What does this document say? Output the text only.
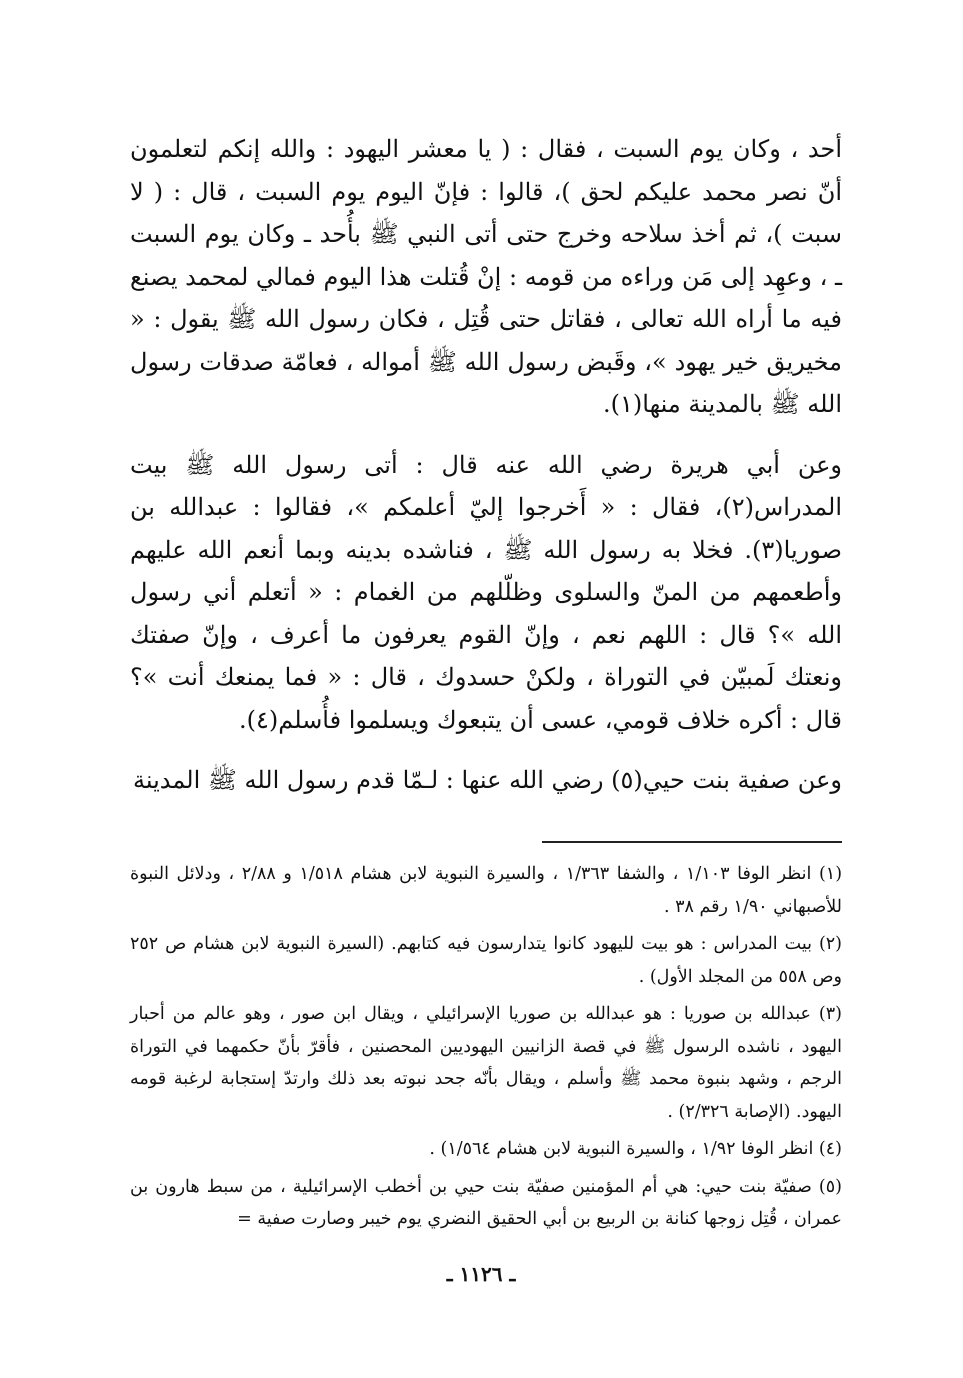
أحد ، وكان يوم السبت ، فقال : ( يا معشر اليهود : والله إنكم لتعلمون أنّ نصر محمد عليكم لحق )، قالوا : فإنّ اليوم يوم السبت ، قال : ( لا سبت )، ثم أخذ سلاحه وخرج حتى أتى النبي ﷺ بأُحد ـ وكان يوم السبت ـ ، وعهِد إلى مَن وراءه من قومه : إنْ قُتلت هذا اليوم فمالي لمحمد يصنع فيه ما أراه الله تعالى ، فقاتل حتى قُتِل ، فكان رسول الله ﷺ يقول : « مخيريق خير يهود »، وقَبض رسول الله ﷺ أمواله ، فعامّة صدقات رسول الله ﷺ بالمدينة منها(١).

وعن أبي هريرة رضي الله عنه قال : أتى رسول الله ﷺ بيت المدراس(٢)، فقال : « أَخرجوا إليّ أعلمكم »، فقالوا : عبدالله بن صوريا(٣). فخلا به رسول الله ﷺ ، فناشده بدينه وبما أنعم الله عليهم وأطعمهم من المنّ والسلوى وظلّلهم من الغمام : « أتعلم أني رسول الله »؟ قال : اللهم نعم ، وإنّ القوم يعرفون ما أعرف ، وإنّ صفتك ونعتك لَمبيّن في التوراة ، ولكنْ حسدوك ، قال : « فما يمنعك أنت »؟ قال : أكره خلاف قومي، عسى أن يتبعوك ويسلموا فأُسلم(٤).

وعن صفية بنت حيي(٥) رضي الله عنها : لـمّا قدم رسول الله ﷺ المدينة

(١) انظر الوفا ١/١٠٣ ، والشفا ١/٣٦٣ ، والسيرة النبوية لابن هشام ١/٥١٨ و ٢/٨٨ ، ودلائل النبوة للأصبهاني ١/٩٠ رقم ٣٨ .

(٢) بيت المدراس : هو بيت لليهود كانوا يتدارسون فيه كتابهم. (السيرة النبوية لابن هشام ص ٢٥٢ وص ٥٥٨ من المجلد الأول) .

(٣) عبدالله بن صوريا : هو عبدالله بن صوريا الإسرائيلي ، ويقال ابن صور ، وهو عالم من أحبار اليهود ، ناشده الرسول ﷺ في قصة الزانيين اليهوديين المحصنين ، فأقرّ بأنّ حكمهما في التوراة الرجم ، وشهد بنبوة محمد ﷺ وأسلم ، ويقال بأنّه جحد نبوته بعد ذلك وارتدّ إستجابة لرغبة قومه اليهود. (الإصابة ٢/٣٢٦) .

(٤) انظر الوفا ١/٩٢ ، والسيرة النبوية لابن هشام ١/٥٦٤) .

(٥) صفيّة بنت حيي: هي أم المؤمنين صفيّة بنت حيي بن أخطب الإسرائيلية ، من سبط هارون بن عمران ، قُتِل زوجها كنانة بن الربيع بن أبي الحقيق النضري يوم خيبر وصارت صفية =

ـ ١١٢٦ ـ
